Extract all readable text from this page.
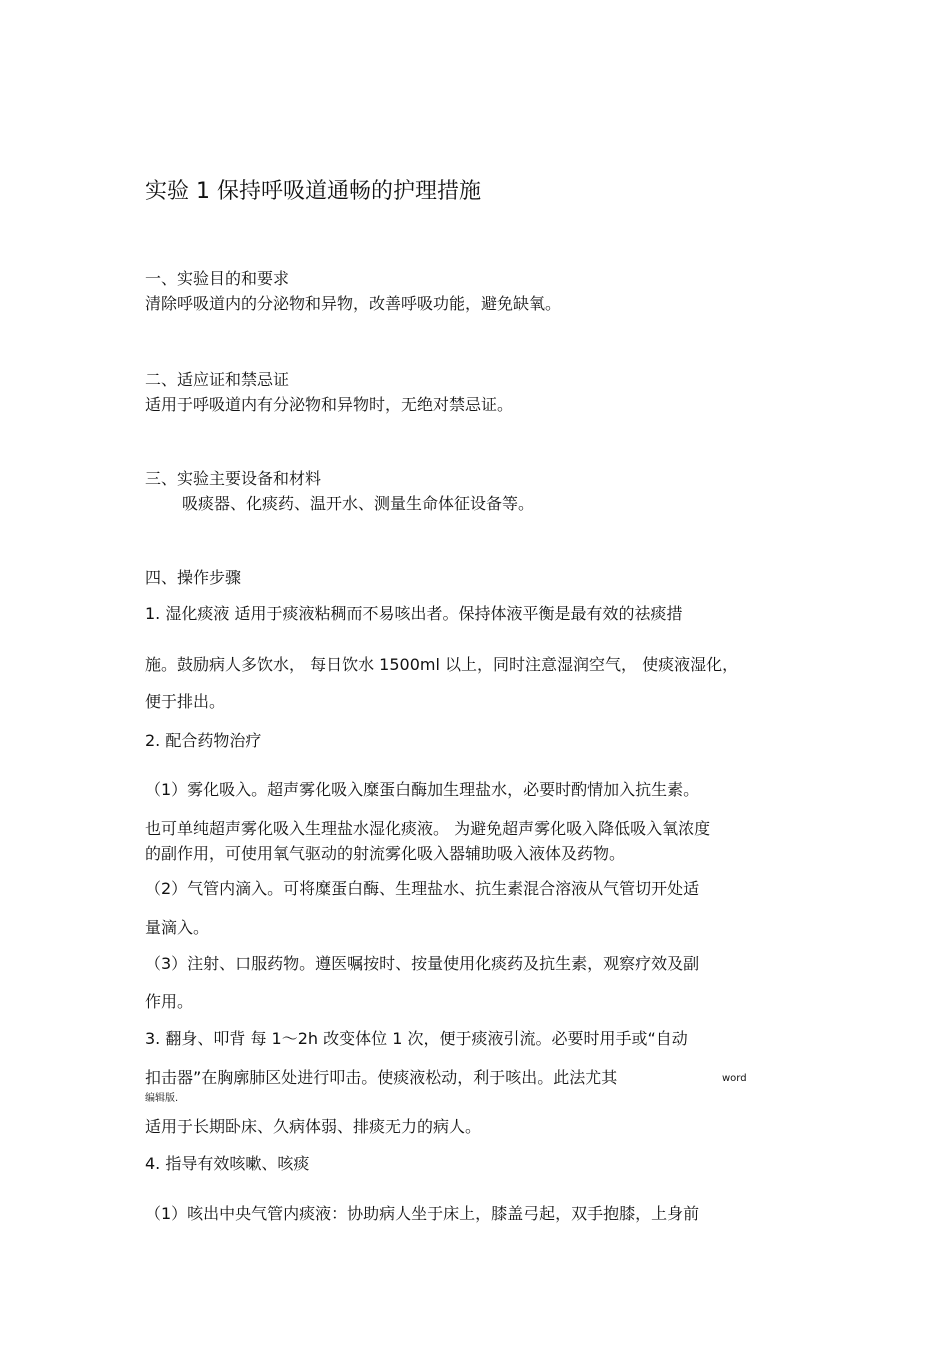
实验 1 保持呼吸道通畅的护理措施
一、实验目的和要求
清除呼吸道内的分泌物和异物，改善呼吸功能，避免缺氧。
二、适应证和禁忌证
适用于呼吸道内有分泌物和异物时，无绝对禁忌证。
三、实验主要设备和材料
吸痰器、化痰药、温开水、测量生命体征设备等。
四、操作步骤
1. 湿化痰液 适用于痰液粘稠而不易咳出者。保持体液平衡是最有效的祛痰措
施。鼓励病人多饮水， 每日饮水 1500ml 以上，同时注意湿润空气， 使痰液湿化，
便于排出。
2. 配合药物治疗
（1）雾化吸入。超声雾化吸入糜蛋白酶加生理盐水，必要时酌情加入抗生素。
也可单纯超声雾化吸入生理盐水湿化痰液。 为避免超声雾化吸入降低吸入氧浓度
的副作用，可使用氧气驱动的射流雾化吸入器辅助吸入液体及药物。
（2）气管内滴入。可将糜蛋白酶、生理盐水、抗生素混合溶液从气管切开处适
量滴入。
（3）注射、口服药物。遵医嘱按时、按量使用化痰药及抗生素，观察疗效及副
作用。
3. 翻身、叩背 每 1～2h 改变体位 1 次，便于痰液引流。必要时用手或“自动
扣击器”在胸廓肺区处进行叩击。使痰液松动，利于咳出。此法尤其	word
编辑版.
适用于长期卧床、久病体弱、排痰无力的病人。
4. 指导有效咳嗽、咳痰
（1）咳出中央气管内痰液：协助病人坐于床上，膝盖弓起，双手抱膝，上身前
